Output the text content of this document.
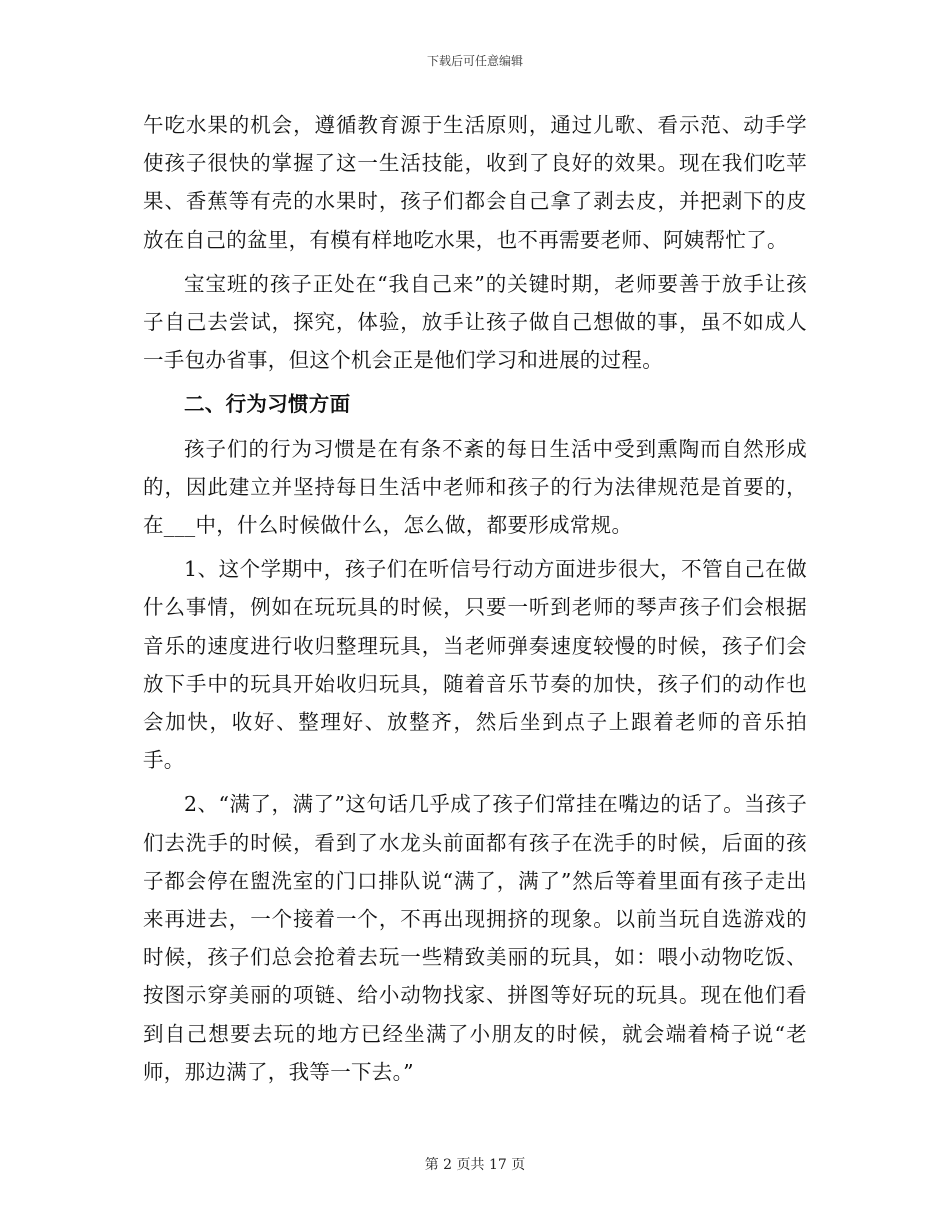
下载后可任意编辑

午吃水果的机会，遵循教育源于生活原则，通过儿歌、看示范、动手学使孩子很快的掌握了这一生活技能，收到了良好的效果。现在我们吃苹果、香蕉等有壳的水果时，孩子们都会自己拿了剥去皮，并把剥下的皮放在自己的盆里，有模有样地吃水果，也不再需要老师、阿姨帮忙了。

宝宝班的孩子正处在“我自己来”的关键时期，老师要善于放手让孩子自己去尝试，探究，体验，放手让孩子做自己想做的事，虽不如成人一手包办省事，但这个机会正是他们学习和进展的过程。

二、行为习惯方面

孩子们的行为习惯是在有条不紊的每日生活中受到熏陶而自然形成的，因此建立并坚持每日生活中老师和孩子的行为法律规范是首要的，在___中，什么时候做什么，怎么做，都要形成常规。

1、这个学期中，孩子们在听信号行动方面进步很大，不管自己在做什么事情，例如在玩玩具的时候，只要一听到老师的琴声孩子们会根据音乐的速度进行收归整理玩具，当老师弹奏速度较慢的时候，孩子们会放下手中的玩具开始收归玩具，随着音乐节奏的加快，孩子们的动作也会加快，收好、整理好、放整齐，然后坐到点子上跟着老师的音乐拍手。

2、“满了，满了”这句话几乎成了孩子们常挂在嘴边的话了。当孩子们去洗手的时候，看到了水龙头前面都有孩子在洗手的时候，后面的孩子都会停在盥洗室的门口排队说“满了，满了”然后等着里面有孩子走出来再进去，一个接着一个，不再出现拥挤的现象。以前当玩自选游戏的时候，孩子们总会抢着去玩一些精致美丽的玩具，如：喂小动物吃饭、按图示穿美丽的项链、给小动物找家、拼图等好玩的玩具。现在他们看到自己想要去玩的地方已经坐满了小朋友的时候，就会端着椅子说“老师，那边满了，我等一下去。”

第 2 页共 17 页
